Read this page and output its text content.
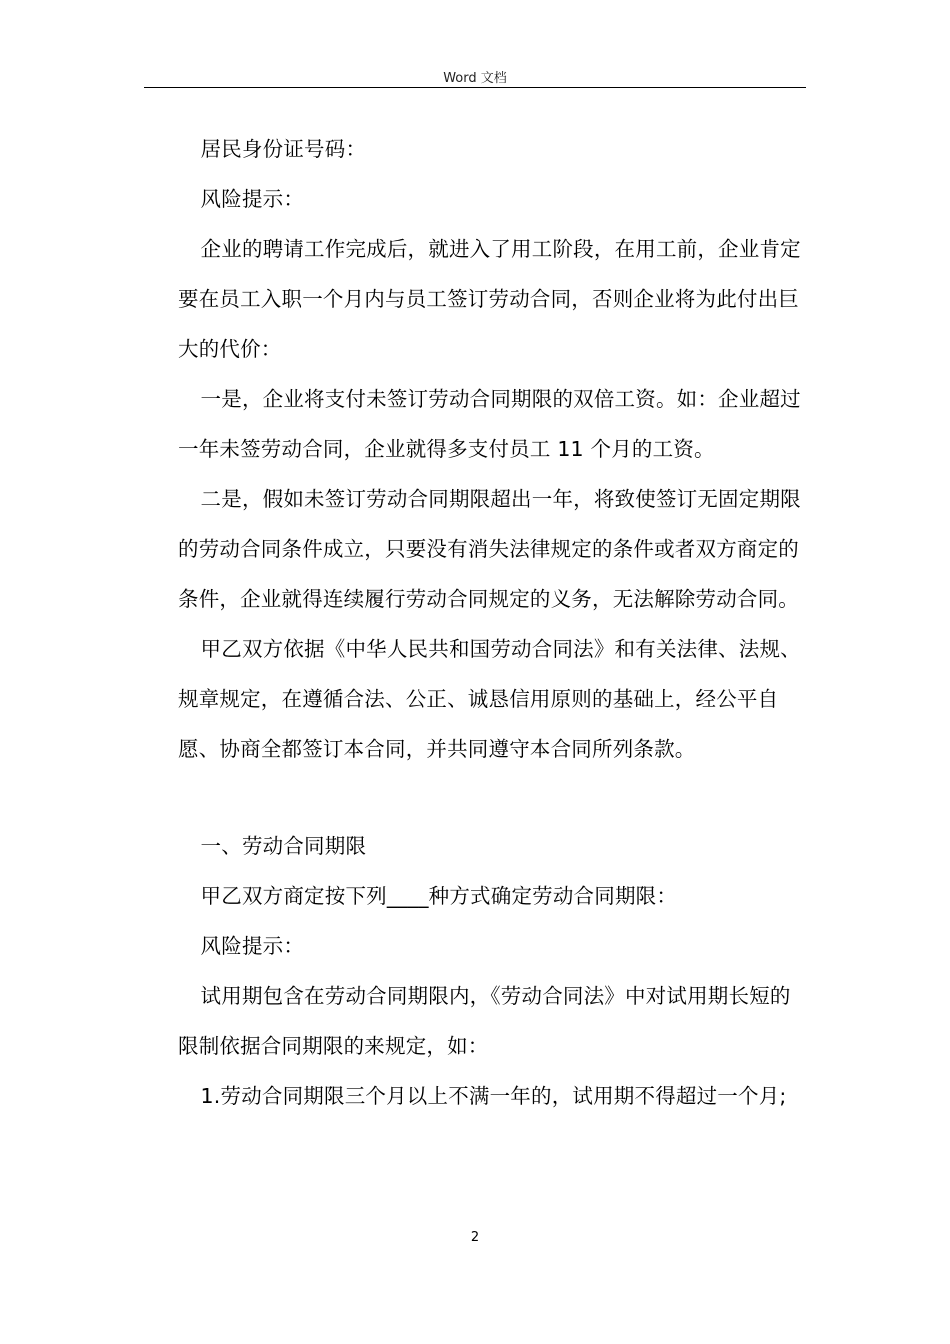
Word 文档

居民身份证号码：

风险提示：

企业的聘请工作完成后，就进入了用工阶段，在用工前，企业肯定要在员工入职一个月内与员工签订劳动合同，否则企业将为此付出巨大的代价：

一是，企业将支付未签订劳动合同期限的双倍工资。如：企业超过一年未签劳动合同，企业就得多支付员工 11 个月的工资。

二是，假如未签订劳动合同期限超出一年，将致使签订无固定期限的劳动合同条件成立，只要没有消失法律规定的条件或者双方商定的条件，企业就得连续履行劳动合同规定的义务，无法解除劳动合同。

甲乙双方依据《中华人民共和国劳动合同法》和有关法律、法规、规章规定，在遵循合法、公正、诚恳信用原则的基础上，经公平自愿、协商全都签订本合同，并共同遵守本合同所列条款。

一、劳动合同期限

甲乙双方商定按下列____种方式确定劳动合同期限：

风险提示：

试用期包含在劳动合同期限内，《劳动合同法》中对试用期长短的限制依据合同期限的来规定，如：

1.劳动合同期限三个月以上不满一年的，试用期不得超过一个月;

2
